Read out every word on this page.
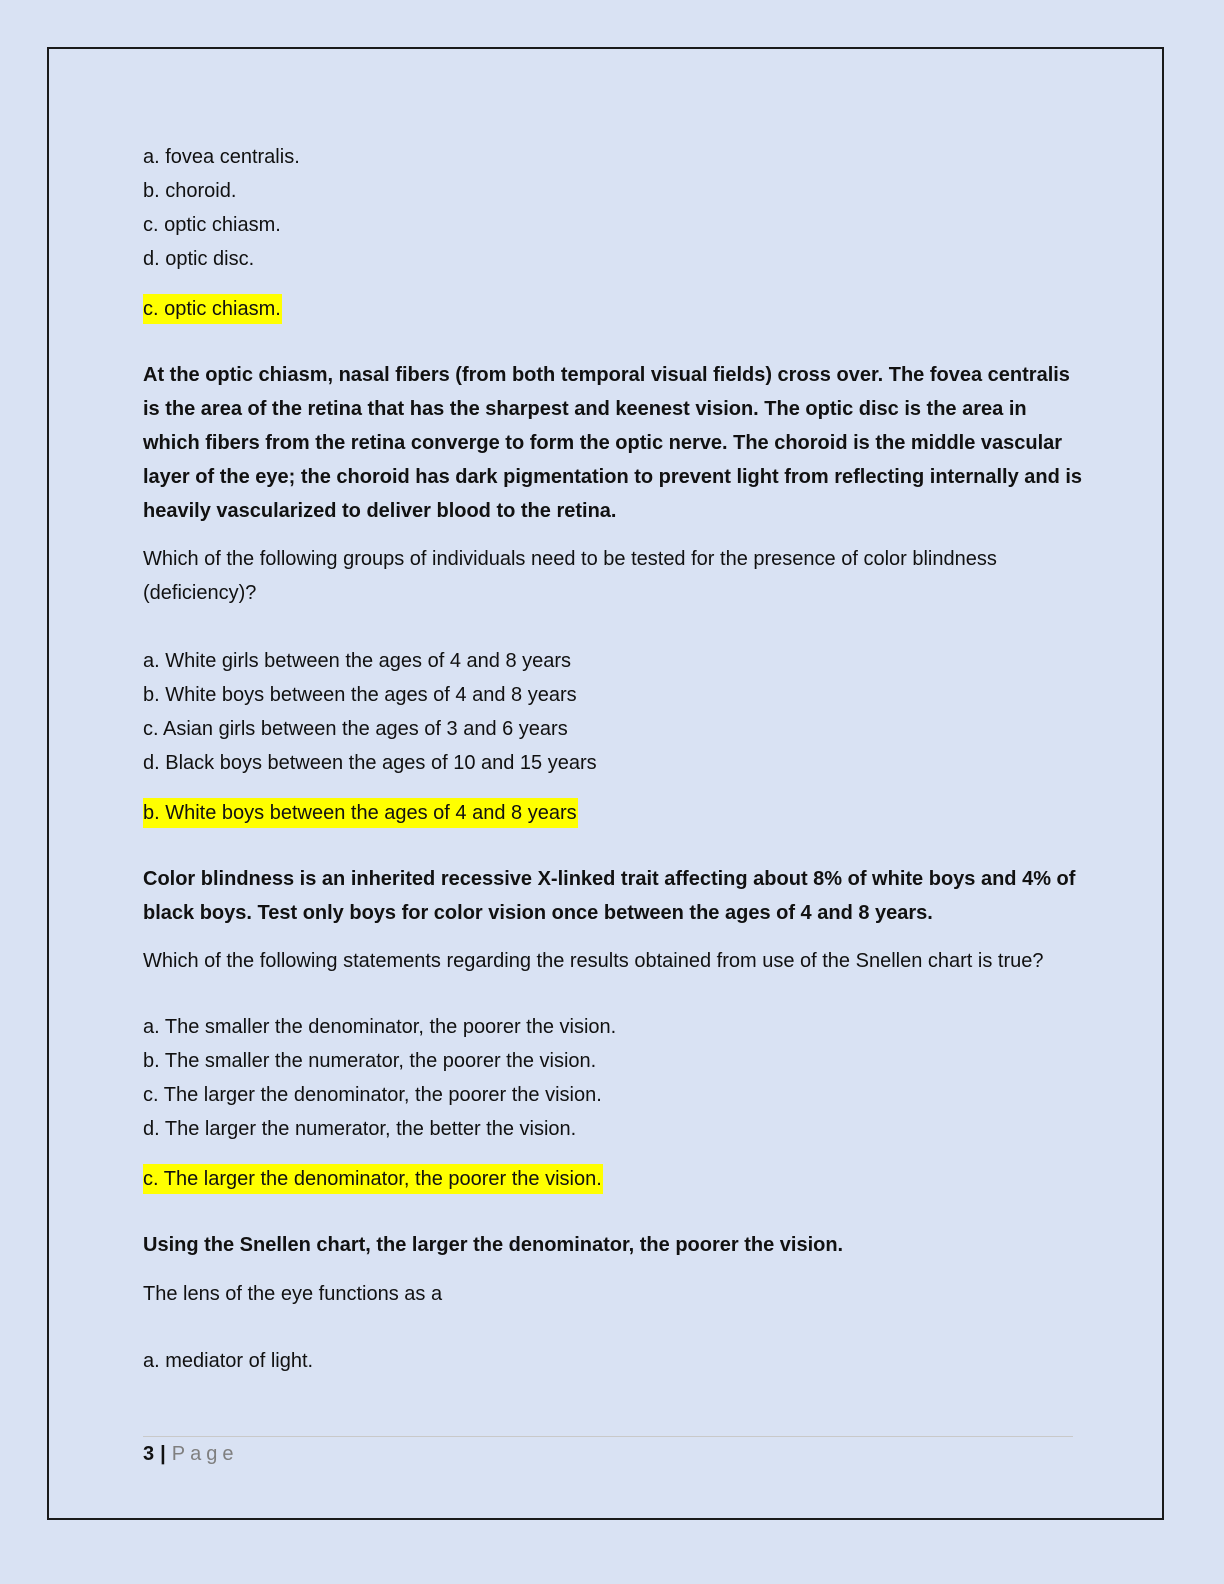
a. fovea centralis.
b. choroid.
c. optic chiasm.
d. optic disc.
c. optic chiasm.

At the optic chiasm, nasal fibers (from both temporal visual fields) cross over. The fovea centralis is the area of the retina that has the sharpest and keenest vision. The optic disc is the area in which fibers from the retina converge to form the optic nerve. The choroid is the middle vascular layer of the eye; the choroid has dark pigmentation to prevent light from reflecting internally and is heavily vascularized to deliver blood to the retina.

Which of the following groups of individuals need to be tested for the presence of color blindness (deficiency)?

a. White girls between the ages of 4 and 8 years
b. White boys between the ages of 4 and 8 years
c. Asian girls between the ages of 3 and 6 years
d. Black boys between the ages of 10 and 15 years
b. White boys between the ages of 4 and 8 years

Color blindness is an inherited recessive X-linked trait affecting about 8% of white boys and 4% of black boys. Test only boys for color vision once between the ages of 4 and 8 years.

Which of the following statements regarding the results obtained from use of the Snellen chart is true?

a. The smaller the denominator, the poorer the vision.
b. The smaller the numerator, the poorer the vision.
c. The larger the denominator, the poorer the vision.
d. The larger the numerator, the better the vision.
c. The larger the denominator, the poorer the vision.

Using the Snellen chart, the larger the denominator, the poorer the vision.

The lens of the eye functions as a

a. mediator of light.
3 | Page
